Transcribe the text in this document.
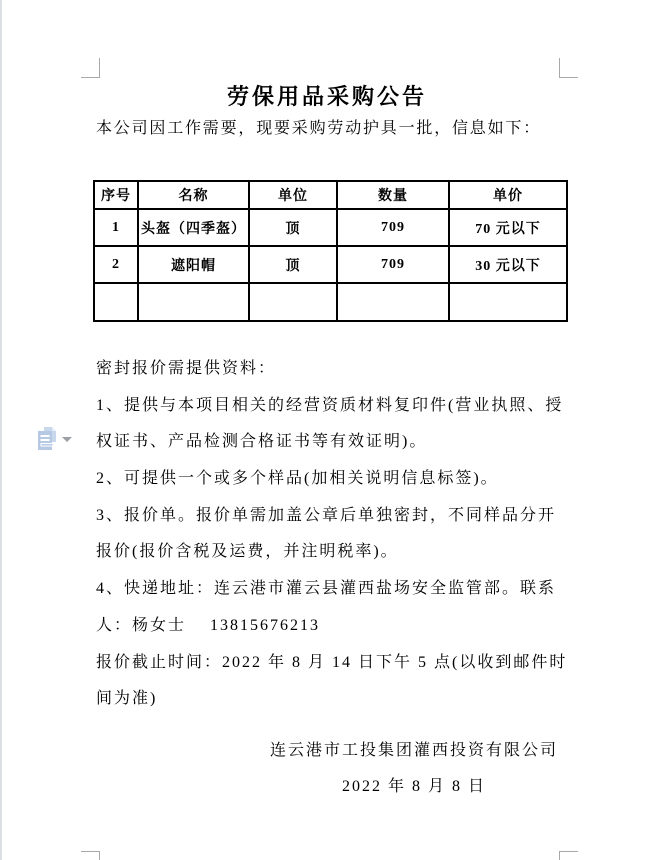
劳保用品采购公告
本公司因工作需要，现要采购劳动护具一批，信息如下：
序号	名称	单位	数量	单价
1	头盔（四季盔）	顶	709	70 元以下
2	遮阳帽	顶	709	30 元以下

密封报价需提供资料：
1、提供与本项目相关的经营资质材料复印件(营业执照、授
权证书、产品检测合格证书等有效证明)。
2、可提供一个或多个样品(加相关说明信息标签)。
3、报价单。报价单需加盖公章后单独密封，不同样品分开
报价(报价含税及运费，并注明税率)。
4、快递地址：连云港市灌云县灌西盐场安全监管部。联系
人：杨女士　 13815676213
报价截止时间：2022 年 8 月 14 日下午 5 点(以收到邮件时
间为准)
连云港市工投集团灌西投资有限公司
2022 年 8 月 8 日
